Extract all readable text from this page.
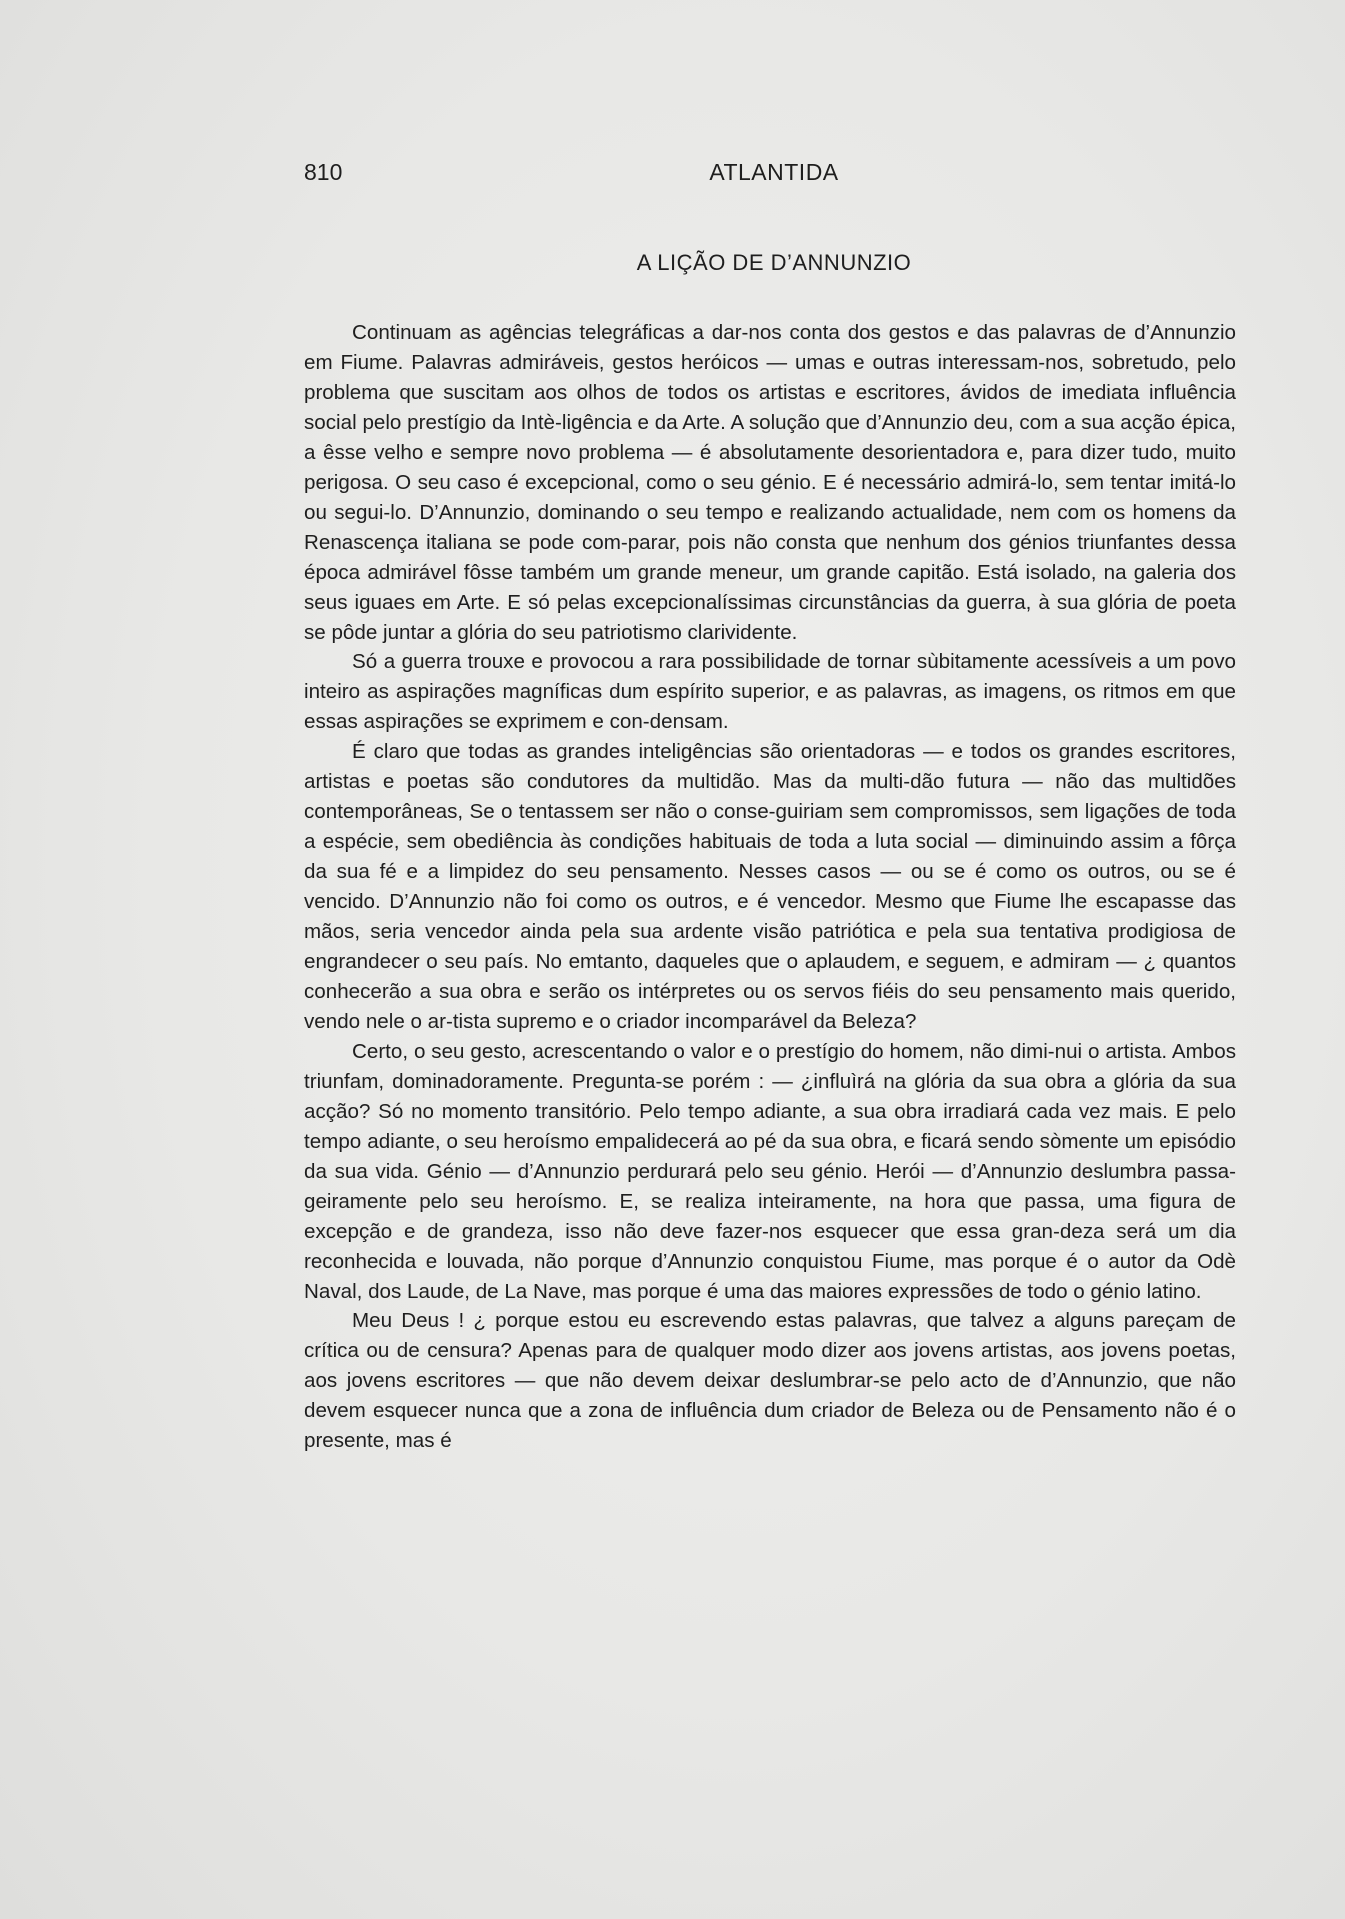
810	ATLANTIDA
A LIÇÃO DE D’ANNUNZIO

Continuam as agências telegráficas a dar-nos conta dos gestos e das palavras de d’Annunzio em Fiume. Palavras admiráveis, gestos heróicos — umas e outras interessam-nos, sobretudo, pelo problema que suscitam aos olhos de todos os artistas e escritores, ávidos de imediata influência social pelo prestígio da Intè-ligência e da Arte. A solução que d’Annunzio deu, com a sua acção épica, a êsse velho e sempre novo problema — é absolutamente desorientadora e, para dizer tudo, muito perigosa. O seu caso é excepcional, como o seu génio. E é necessário admirá-lo, sem tentar imitá-lo ou segui-lo. D’Annunzio, dominando o seu tempo e realizando actualidade, nem com os homens da Renascença italiana se pode com-parar, pois não consta que nenhum dos génios triunfantes dessa época admirável fôsse também um grande meneur, um grande capitão. Está isolado, na galeria dos seus iguaes em Arte. E só pelas excepcionalíssimas circunstâncias da guerra, à sua glória de poeta se pôde juntar a glória do seu patriotismo clarividente.

Só a guerra trouxe e provocou a rara possibilidade de tornar sùbitamente acessíveis a um povo inteiro as aspirações magníficas dum espírito superior, e as palavras, as imagens, os ritmos em que essas aspirações se exprimem e con-densam.

É claro que todas as grandes inteligências são orientadoras — e todos os grandes escritores, artistas e poetas são condutores da multidão. Mas da multi-dão futura — não das multidões contemporâneas, Se o tentassem ser não o conse-guiriam sem compromissos, sem ligações de toda a espécie, sem obediência às condições habituais de toda a luta social — diminuindo assim a fôrça da sua fé e a limpidez do seu pensamento. Nesses casos — ou se é como os outros, ou se é vencido. D’Annunzio não foi como os outros, e é vencedor. Mesmo que Fiume lhe escapasse das mãos, seria vencedor ainda pela sua ardente visão patriótica e pela sua tentativa prodigiosa de engrandecer o seu país. No emtanto, daqueles que o aplaudem, e seguem, e admiram — ¿ quantos conhecerão a sua obra e serão os intérpretes ou os servos fiéis do seu pensamento mais querido, vendo nele o ar-tista supremo e o criador incomparável da Beleza?

Certo, o seu gesto, acrescentando o valor e o prestígio do homem, não dimi-nui o artista. Ambos triunfam, dominadoramente. Pregunta-se porém : — ¿influìrá na glória da sua obra a glória da sua acção? Só no momento transitório. Pelo tempo adiante, a sua obra irradiará cada vez mais. E pelo tempo adiante, o seu heroísmo empalidecerá ao pé da sua obra, e ficará sendo sòmente um episódio da sua vida. Génio — d’Annunzio perdurará pelo seu génio. Herói — d’Annunzio deslumbra passa-geiramente pelo seu heroísmo. E, se realiza inteiramente, na hora que passa, uma figura de excepção e de grandeza, isso não deve fazer-nos esquecer que essa gran-deza será um dia reconhecida e louvada, não porque d’Annunzio conquistou Fiume, mas porque é o autor da Odè Naval, dos Laude, de La Nave, mas porque é uma das maiores expressões de todo o génio latino.

Meu Deus ! ¿ porque estou eu escrevendo estas palavras, que talvez a alguns pareçam de crítica ou de censura? Apenas para de qualquer modo dizer aos jovens artistas, aos jovens poetas, aos jovens escritores — que não devem deixar deslumbrar-se pelo acto de d’Annunzio, que não devem esquecer nunca que a zona de influência dum criador de Beleza ou de Pensamento não é o presente, mas é
